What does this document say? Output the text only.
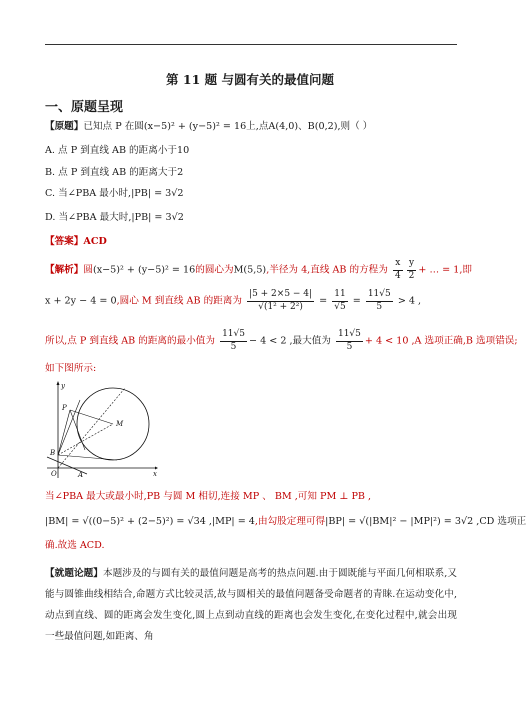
第 11 题 与圆有关的最值问题
一、原题呈现
【原题】已知点 P 在圆(x−5)² + (y−5)² = 16上,点A(4,0)、B(0,2),则（ ）
A. 点 P 到直线 AB 的距离小于10
B. 点 P 到直线 AB 的距离大于2
C. 当∠PBA 最小时,|PB| = 3√2
D. 当∠PBA 最大时,|PB| = 3√2
【答案】ACD
【解析】圆(x−5)² + (y−5)² = 16的圆心为M(5,5),半径为 4,直线 AB 的方程为 $\frac{x}{4} \frac{y}{2}$ + … = 1,即
x + 2y − 4 = 0,圆心 M 到直线 AB 的距离为 $\frac{|5 + 2\times 5 - 4|}{\text{√(1² + 2²)}} = \frac{11}{√5} = \frac{11√5}{5} > 4$ ,
所以,点 P 到直线 AB 的距离的最小值为 $\frac{11√5}{5} - 4 < 2$ ,最大值为 $\frac{11√5}{5} + 4 < 10$ ,A 选项正确,B 选项错误;
如下图所示:
P
M
B
O	A	x
y
当∠PBA 最大或最小时,PB 与圆 M 相切,连接 MP 、 BM ,可知 PM ⊥ PB ,
|BM| = √((0−5)² + (2−5)²) = √34 ,|MP| = 4,由勾股定理可得|BP| = √(|BM|² − |MP|²) = 3√2 ,CD 选项正
确.故选 ACD.
【就题论题】本题涉及的与圆有关的最值问题是高考的热点问题.由于圆既能与平面几何相联系,又能与圆锥曲线相结合,命题方式比较灵活,故与圆相关的最值问题备受命题者的青睐.在运动变化中,动点到直线、圆的距离会发生变化,圆上点到动直线的距离也会发生变化,在变化过程中,就会出现一些最值问题,如距离、角
